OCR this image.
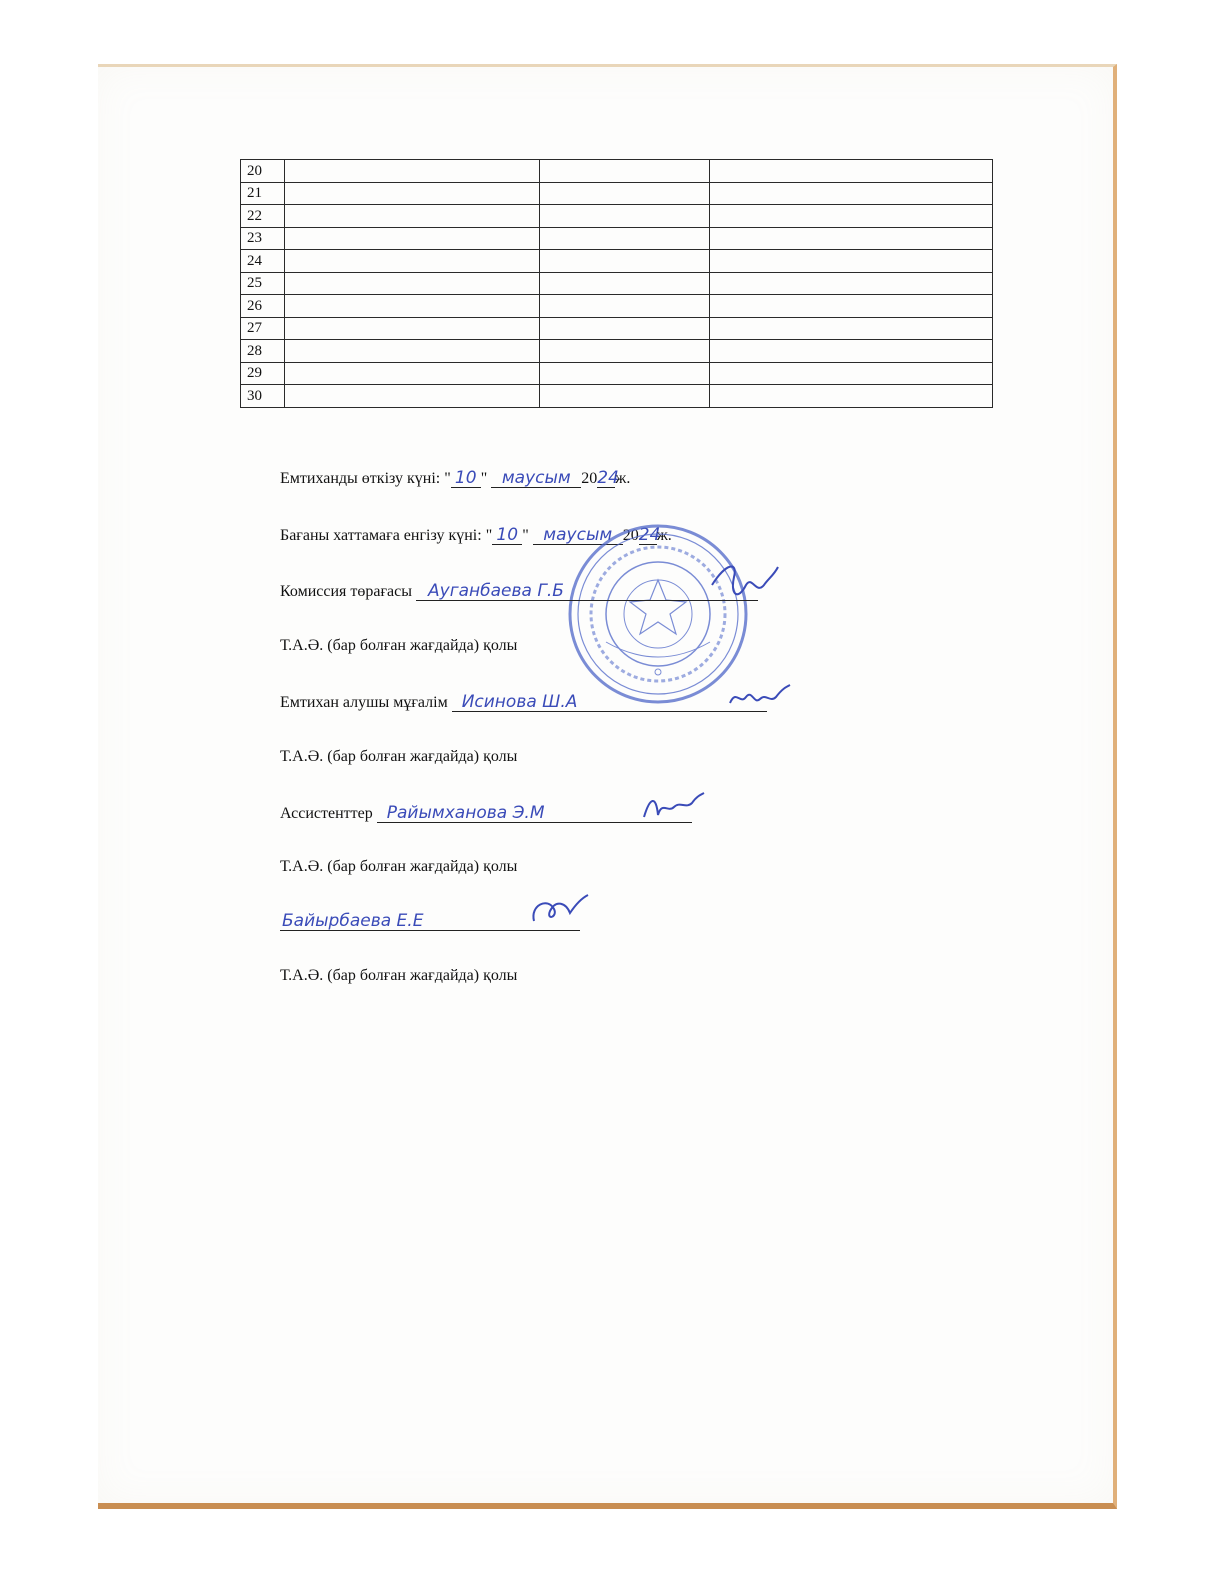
20			
21			
22			
23			
24			
25			
26			
27			
28			
29			
30			
Емтиханды өткізу күні: " 10 " маусым 2024ж.
Бағаны хаттамаға енгізу күні: " 10 " маусым 2024ж.
Комиссия төрағасы Ауганбаева Г.Б
Т.А.Ә. (бар болған жағдайда) қолы
Емтихан алушы мұғалім Исинова Ш.А
Т.А.Ә. (бар болған жағдайда) қолы
Ассистенттер Райымханова Э.М
Т.А.Ә. (бар болған жағдайда) қолы
Байырбаева Е.Е
Т.А.Ә. (бар болған жағдайда) қолы
